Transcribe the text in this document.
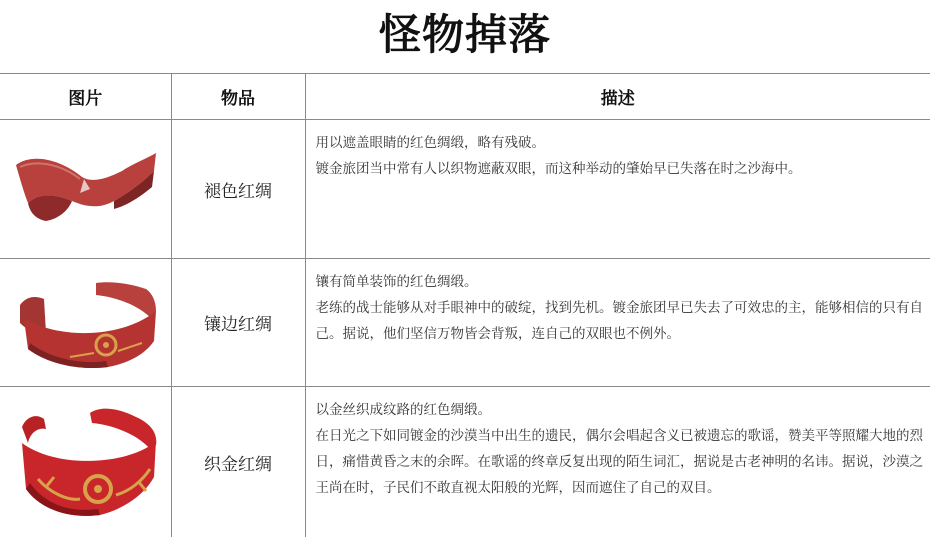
怪物掉落
图片	物品	描述

	褪色红绸	用以遮盖眼睛的红色绸缎，略有残破。

镀金旅团当中常有人以织物遮蔽双眼，而这种举动的肇始早已失落在时之沙海中。

	镶边红绸	镶有简单装饰的红色绸缎。

老练的战士能够从对手眼神中的破绽，找到先机。镀金旅团早已失去了可效忠的主，能够相信的只有自己。据说，他们坚信万物皆会背叛，连自己的双眼也不例外。

	织金红绸	以金丝织成纹路的红色绸缎。

在日光之下如同镀金的沙漠当中出生的遗民，偶尔会唱起含义已被遗忘的歌谣，赞美平等照耀大地的烈日，痛惜黄昏之末的余晖。在歌谣的终章反复出现的陌生词汇，据说是古老神明的名讳。据说，沙漠之王尚在时，子民们不敢直视太阳般的光辉，因而遮住了自己的双目。
